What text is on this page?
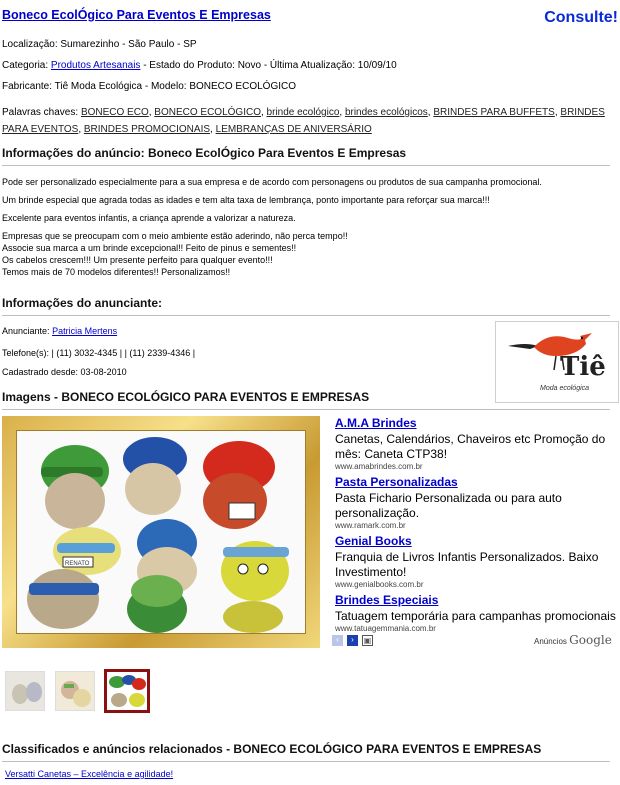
Boneco EcolÓgico Para Eventos E Empresas	Consulte!
Localização: Sumarezinho - São Paulo - SP
Categoria: Produtos Artesanais - Estado do Produto: Novo - Última Atualização: 10/09/10
Fabricante: Tiê Moda Ecológica - Modelo: BONECO ECOLÓGICO
Palavras chaves: BONECO ECO, BONECO ECOLÓGICO, brinde ecológico, brindes ecológicos, BRINDES PARA BUFFETS, BRINDES PARA EVENTOS, BRINDES PROMOCIONAIS, LEMBRANÇAS DE ANIVERSÁRIO
Informações do anúncio: Boneco EcolÓgico Para Eventos E Empresas
Pode ser personalizado especialmente para a sua empresa e de acordo com personagens ou produtos de sua campanha promocional.
Um brinde especial que agrada todas as idades e tem alta taxa de lembrança, ponto importante para reforçar sua marca!!!
Excelente para eventos infantis, a criança aprende a valorizar a natureza.
Empresas que se preocupam com o meio ambiente estão aderindo, não perca tempo!!
Associe sua marca a um brinde excepcional!! Feito de pinus e sementes!!
Os cabelos crescem!!! Um presente perfeito para qualquer evento!!!
Temos mais de 70 modelos diferentes!! Personalizamos!!
Informações do anunciante:
Anunciante: Patricia Mertens
Telefone(s): | (11) 3032-4345 | | (11) 2339-4346 |
Cadastrado desde: 03-08-2010	Tiê
Moda ecológica
Imagens - BONECO ECOLÓGICO PARA EVENTOS E EMPRESAS
RENATO
A.M.A Brindes
Canetas, Calendários, Chaveiros etc Promoção do mês: Caneta CTP38!
www.amabrindes.com.br
Pasta Personalizadas
Pasta Fichario Personalizada ou para auto personalização.
www.ramark.com.br
Genial Books
Franquia de Livros Infantis Personalizados. Baixo Investimento!
www.genialbooks.com.br
Brindes Especiais
Tatuagem temporária para campanhas promocionais
www.tatuagemmania.com.br
‹	›	▣	Anúncios Google
Classificados e anúncios relacionados - BONECO ECOLÓGICO PARA EVENTOS E EMPRESAS
Versatti Canetas – Excelência e agilidade!
